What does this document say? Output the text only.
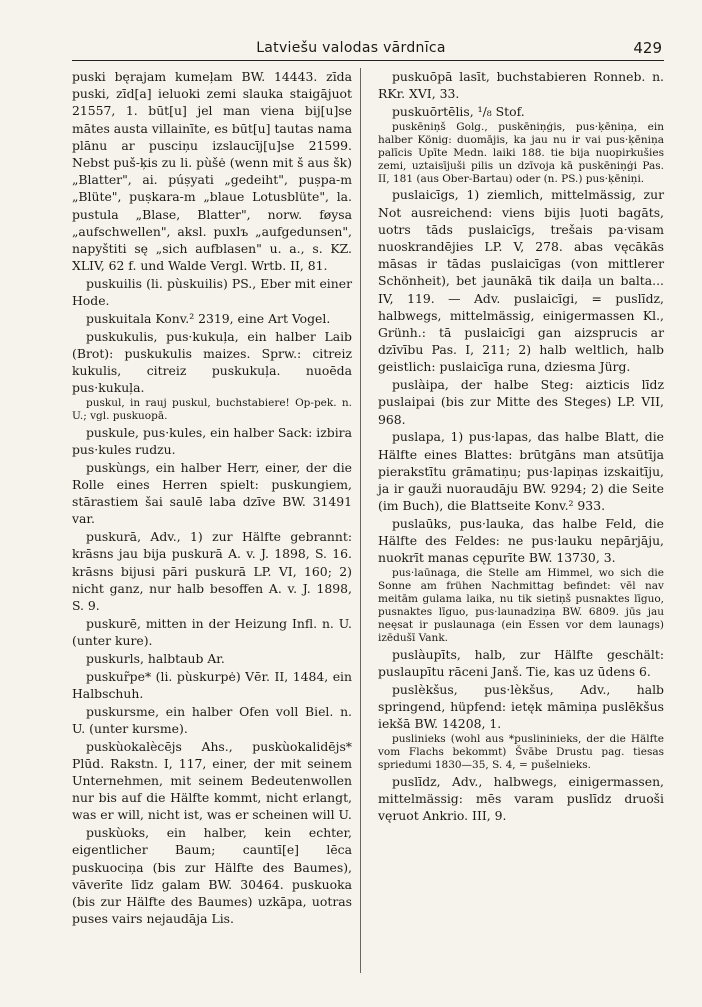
Latviešu valodas vārdnīca	429

puski bęrajam kumeļam BW. 14443. zīda puski, zīd[a] ieluoki zemi slauka staigājuot 21557, 1. būt[u] jel man viena bij[u]se mātes austa villainīte, es būt[u] tautas nama plānu ar pusciņu izslaucīj[u]se 21599. Nebst puš-ķis zu li. pùšė (wenn mit š aus šk) „Blatter", ai. púṣyati „gedeiht", puṣpa-m „Blüte", puṣkara-m „blaue Lotusblüte", la. pustula „Blase, Blatter", norw. føysa „aufschwellen", aksl. puxlъ „aufgedunsen", napyštiti sę „sich aufblasen" u. a., s. KZ. XLIV, 62 f. und Walde Vergl. Wrtb. II, 81.

puskuilis (li. pùskuilis) PS., Eber mit einer Hode.

puskuitala Konv.² 2319, eine Art Vogel.

puskukulis, pus·kukuļa, ein halber Laib (Brot): puskukulis maizes. Sprw.: citreiz kukulis, citreiz puskukuļa. nuoēda pus·kukuļa.

puskul, in rauj puskul, buchstabiere! Op-pek. n. U.; vgl. puskuopā.

puskule, pus·kules, ein halber Sack: izbira pus·kules rudzu.

puskùngs, ein halber Herr, einer, der die Rolle eines Herren spielt: puskungiem, stārastiem šai saulē laba dzīve BW. 31491 var.

puskurā, Adv., 1) zur Hälfte gebrannt: krāsns jau bija puskurā A. v. J. 1898, S. 16. krāsns bijusi pāri puskurā LP. VI, 160; 2) nicht ganz, nur halb besoffen A. v. J. 1898, S. 9.

puskurē, mitten in der Heizung Infl. n. U. (unter kure).

puskurls, halbtaub Ar.

puskur̃pe* (li. pùskurpė) Vēr. II, 1484, ein Halbschuh.

puskursme, ein halber Ofen voll Biel. n. U. (unter kursme).

puskùokalècējs Ahs., puskùokalidējs* Plūd. Rakstn. I, 117, einer, der mit seinem Unternehmen, mit seinem Bedeutenwollen nur bis auf die Hälfte kommt, nicht erlangt, was er will, nicht ist, was er scheinen will U.

puskùoks, ein halber, kein echter, eigentlicher Baum; cauntī[e] lēca puskuociņa (bis zur Hälfte des Baumes), vāverīte līdz galam BW. 30464. puskuoka (bis zur Hälfte des Baumes) uzkāpa, uotras puses vairs nejaudāja Lis.

puskuōpā lasīt, buchstabieren Ronneb. n. RKr. XVI, 33.

puskuōrtēlis, ¹/₈ Stof.

puskēniņš Golg., puskēniņģis, pus·ķēniņa, ein halber König: duomājis, ka jau nu ir vai pus·ķēniņa palīcis Upīte Medn. laiki 188. tie bija nuopirkušies zemi, uztaisījuši pilis un dzīvoja kā puskēniņģi Pas. II, 181 (aus Ober-Bartau) oder (n. PS.) pus·ķēniņi.

puslaicīgs, 1) ziemlich, mittelmässig, zur Not ausreichend: viens bijis ļuoti bagāts, uotrs tāds puslaicīgs, trešais pa·visam nuoskrandējies LP. V, 278. abas vęcākās māsas ir tādas puslaicīgas (von mittlerer Schönheit), bet jaunākā tik daiļa un balta... IV, 119. — Adv. puslaicīgi, = puslīdz, halbwegs, mittelmässig, einigermassen Kl., Grünh.: tā puslaicīgi gan aizsprucis ar dzīvību Pas. I, 211; 2) halb weltlich, halb geistlich: puslaicīga runa, dziesma Jürg.

puslàipa, der halbe Steg: aizticis līdz puslaipai (bis zur Mitte des Steges) LP. VII, 968.

puslapa, 1) pus·lapas, das halbe Blatt, die Hälfte eines Blattes: brūtgāns man atsūtīja pierakstītu grāmatiņu; pus·lapiņas izskaitīju, ja ir gauži nuoraudāju BW. 9294; 2) die Seite (im Buch), die Blattseite Konv.² 933.

puslaūks, pus·lauka, das halbe Feld, die Hälfte des Feldes: ne pus·lauku nepārjāju, nuokrīt manas cępurīte BW. 13730, 3.

pus·laūnaga, die Stelle am Himmel, wo sich die Sonne am frühen Nachmittag befindet: vēl nav meitām gulama laika, nu tik sietiņš pusnaktes līguo, pusnaktes līguo, pus·launadziņa BW. 6809. jūs jau neęsat ir puslaunaga (ein Essen vor dem launags) izēdušī Vank.

puslàupīts, halb, zur Hälfte geschält: puslaupītu rāceni Janš. Tie, kas uz ūdens 6.

puslèkšus, pus·lèkšus, Adv., halb springend, hüpfend: ietęk māmiņa puslēkšus iekšā BW. 14208, 1.

puslinieks (wohl aus *puslininieks, der die Hälfte vom Flachs bekommt) Švābe Drustu pag. tiesas spriedumi 1830—35, S. 4, = pušelnieks.

puslīdz, Adv., halbwegs, einigermassen, mittelmässig: mēs varam puslīdz druoši vęruot Ankrio. III, 9.
